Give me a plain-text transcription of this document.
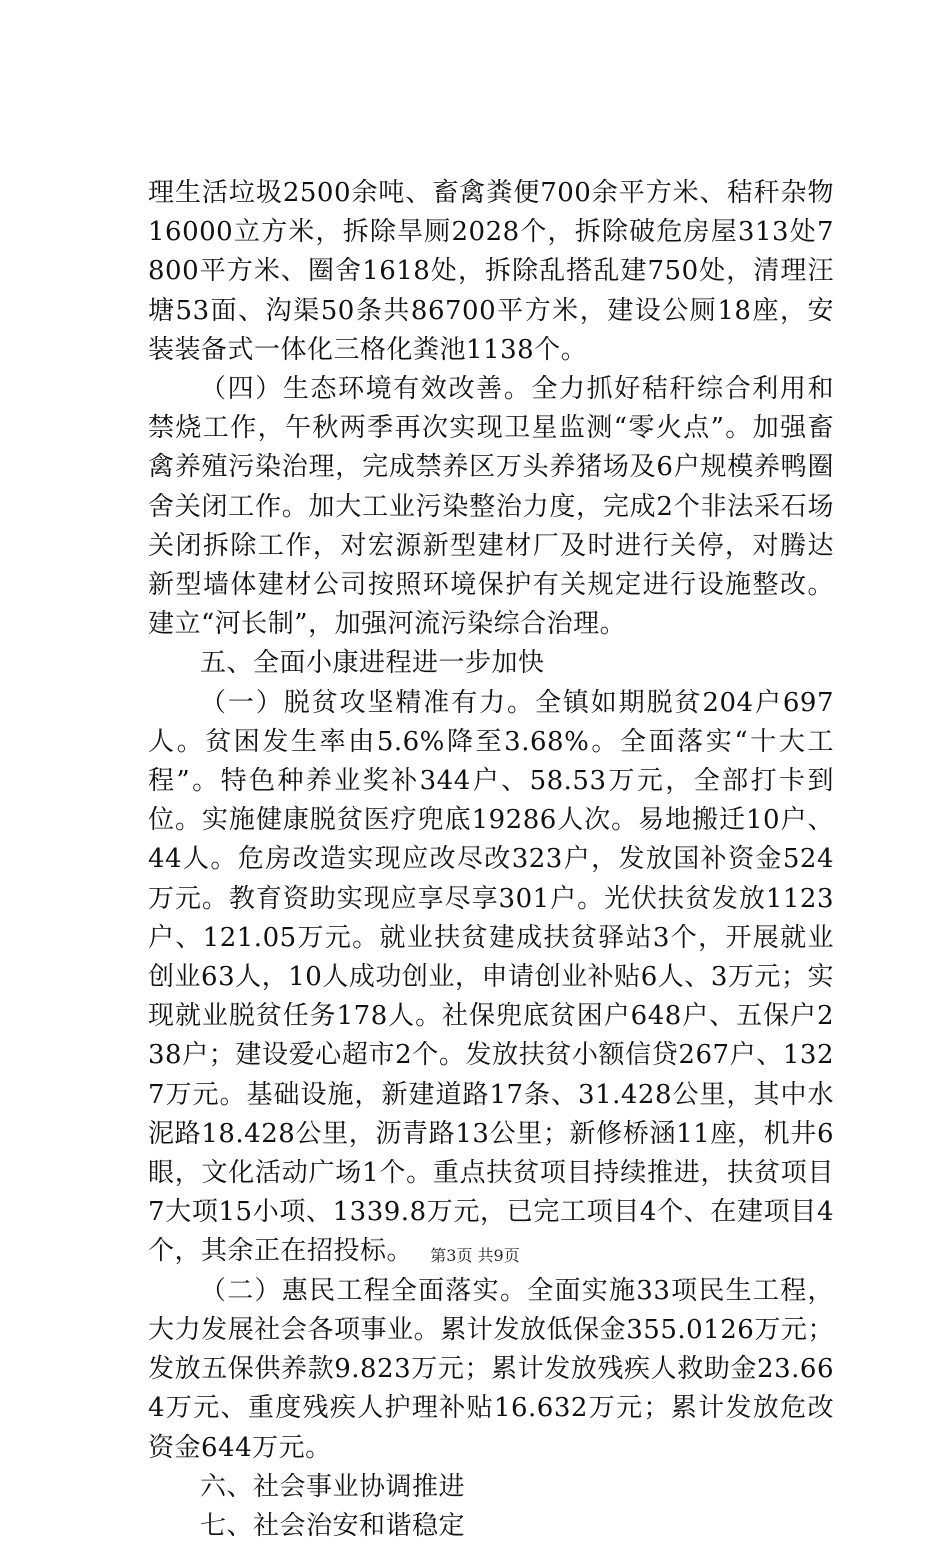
理生活垃圾2500余吨、畜禽粪便700余平方米、秸秆杂物16000立方米，拆除旱厕2028个，拆除破危房屋313处7800平方米、圈舍1618处，拆除乱搭乱建750处，清理汪塘53面、沟渠50条共86700平方米，建设公厕18座，安装装备式一体化三格化粪池1138个。

（四）生态环境有效改善。全力抓好秸秆综合利用和禁烧工作，午秋两季再次实现卫星监测“零火点”。加强畜禽养殖污染治理，完成禁养区万头养猪场及6户规模养鸭圈舍关闭工作。加大工业污染整治力度，完成2个非法采石场关闭拆除工作，对宏源新型建材厂及时进行关停，对腾达新型墙体建材公司按照环境保护有关规定进行设施整改。建立“河长制”，加强河流污染综合治理。

五、全面小康进程进一步加快

（一）脱贫攻坚精准有力。全镇如期脱贫204户697人。贫困发生率由5.6%降至3.68%。全面落实“十大工程”。特色种养业奖补344户、58.53万元，全部打卡到位。实施健康脱贫医疗兜底19286人次。易地搬迁10户、44人。危房改造实现应改尽改323户，发放国补资金524万元。教育资助实现应享尽享301户。光伏扶贫发放1123户、121.05万元。就业扶贫建成扶贫驿站3个，开展就业创业63人，10人成功创业，申请创业补贴6人、3万元；实现就业脱贫任务178人。社保兜底贫困户648户、五保户238户；建设爱心超市2个。发放扶贫小额信贷267户、1327万元。基础设施，新建道路17条、31.428公里，其中水泥路18.428公里，沥青路13公里；新修桥涵11座，机井6眼，文化活动广场1个。重点扶贫项目持续推进，扶贫项目7大项15小项、1339.8万元，已完工项目4个、在建项目4个，其余正在招投标。

（二）惠民工程全面落实。全面实施33项民生工程，大力发展社会各项事业。累计发放低保金355.0126万元；发放五保供养款9.823万元；累计发放残疾人救助金23.664万元、重度残疾人护理补贴16.632万元；累计发放危改资金644万元。

六、社会事业协调推进

七、社会治安和谐稳定

第3页 共9页
